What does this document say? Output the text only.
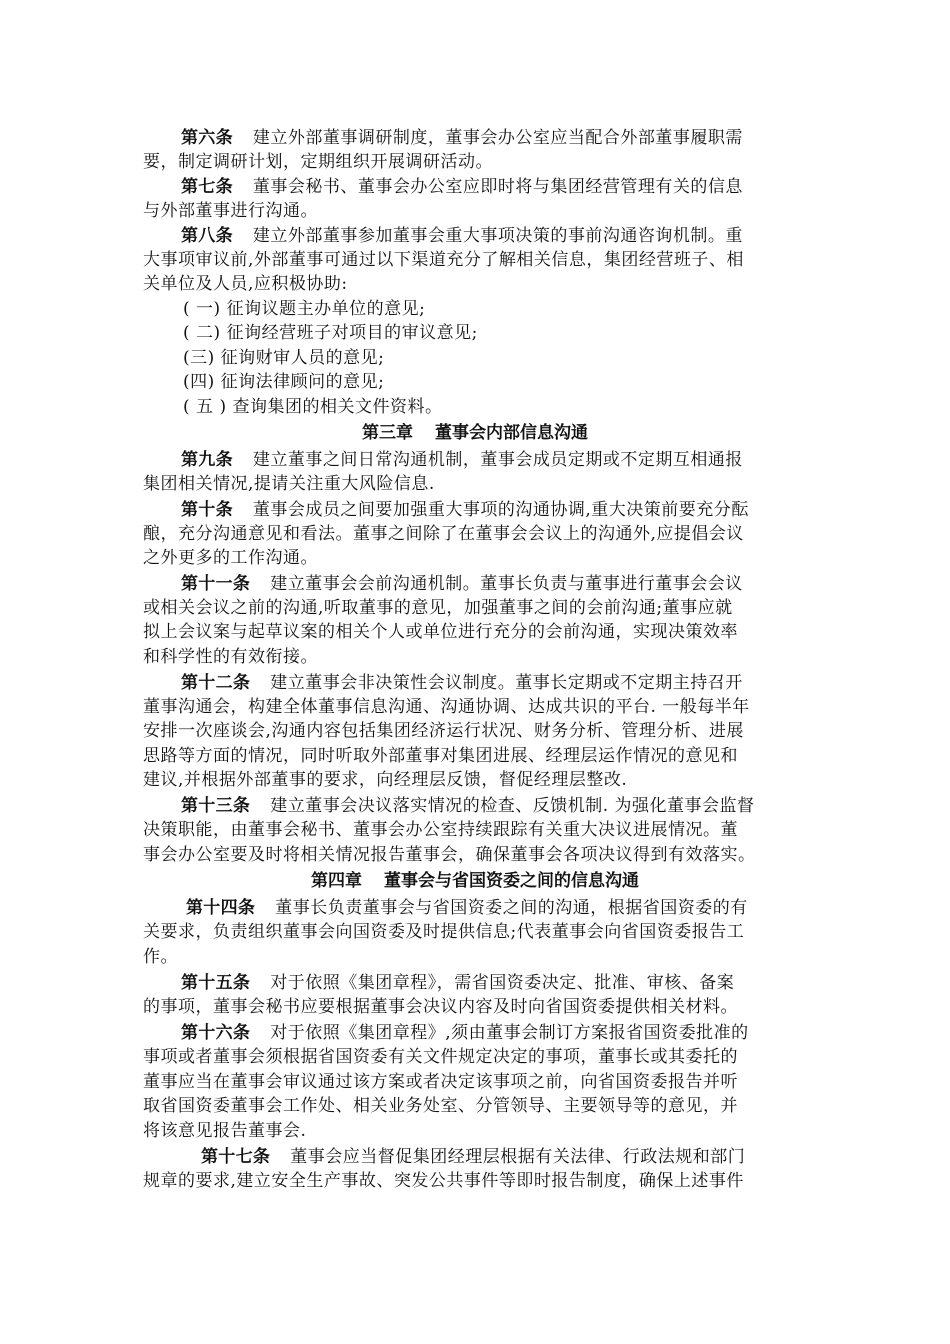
第六条 建立外部董事调研制度，董事会办公室应当配合外部董事履职需
要，制定调研计划，定期组织开展调研活动。
第七条 董事会秘书、董事会办公室应即时将与集团经营管理有关的信息
与外部董事进行沟通。
第八条 建立外部董事参加董事会重大事项决策的事前沟通咨询机制。重
大事项审议前,外部董事可通过以下渠道充分了解相关信息，集团经营班子、相
关单位及人员,应积极协助:
( 一) 征询议题主办单位的意见;
( 二) 征询经营班子对项目的审议意见;
(三) 征询财审人员的意见;
(四) 征询法律顾问的意见;
( 五 ) 查询集团的相关文件资料。
第三章 董事会内部信息沟通
第九条 建立董事之间日常沟通机制，董事会成员定期或不定期互相通报
集团相关情况,提请关注重大风险信息.
第十条 董事会成员之间要加强重大事项的沟通协调,重大决策前要充分酝
酿，充分沟通意见和看法。董事之间除了在董事会会议上的沟通外,应提倡会议
之外更多的工作沟通。
第十一条 建立董事会会前沟通机制。董事长负责与董事进行董事会会议
或相关会议之前的沟通,听取董事的意见，加强董事之间的会前沟通;董事应就
拟上会议案与起草议案的相关个人或单位进行充分的会前沟通，实现决策效率
和科学性的有效衔接。
第十二条 建立董事会非决策性会议制度。董事长定期或不定期主持召开
董事沟通会，构建全体董事信息沟通、沟通协调、达成共识的平台. 一般每半年
安排一次座谈会,沟通内容包括集团经济运行状况、财务分析、管理分析、进展
思路等方面的情况，同时听取外部董事对集团进展、经理层运作情况的意见和
建议,并根据外部董事的要求，向经理层反馈，督促经理层整改.
第十三条 建立董事会决议落实情况的检查、反馈机制. 为强化董事会监督
决策职能，由董事会秘书、董事会办公室持续跟踪有关重大决议进展情况。董
事会办公室要及时将相关情况报告董事会，确保董事会各项决议得到有效落实。
第四章 董事会与省国资委之间的信息沟通
第十四条 董事长负责董事会与省国资委之间的沟通，根据省国资委的有
关要求，负责组织董事会向国资委及时提供信息;代表董事会向省国资委报告工
作。
第十五条 对于依照《集团章程》，需省国资委决定、批准、审核、备案
的事项，董事会秘书应要根据董事会决议内容及时向省国资委提供相关材料。
第十六条 对于依照《集团章程》,须由董事会制订方案报省国资委批准的
事项或者董事会须根据省国资委有关文件规定决定的事项，董事长或其委托的
董事应当在董事会审议通过该方案或者决定该事项之前，向省国资委报告并听
取省国资委董事会工作处、相关业务处室、分管领导、主要领导等的意见，并
将该意见报告董事会.
第十七条 董事会应当督促集团经理层根据有关法律、行政法规和部门
规章的要求,建立安全生产事故、突发公共事件等即时报告制度，确保上述事件
